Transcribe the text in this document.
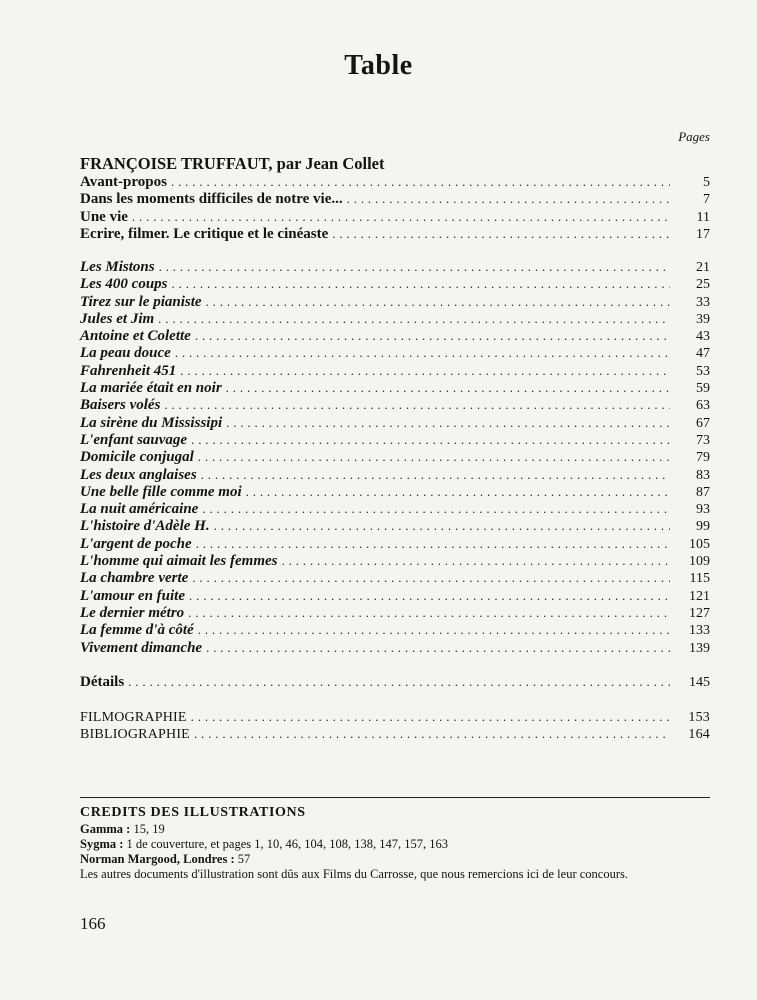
Table
Pages
FRANÇOISE TRUFFAUT, par Jean Collet
Avant-propos . . .	5
Dans les moments difficiles de notre vie... . . .	7
Une vie . . .	11
Ecrire, filmer. Le critique et le cinéaste . . .	17
Les Mistons . . .	21
Les 400 coups . . .	25
Tirez sur le pianiste . . .	33
Jules et Jim . . .	39
Antoine et Colette . . .	43
La peau douce . . .	47
Fahrenheit 451 . . .	53
La mariée était en noir . . .	59
Baisers volés . . .	63
La sirène du Mississipi . . .	67
L'enfant sauvage . . .	73
Domicile conjugal . . .	79
Les deux anglaises . . .	83
Une belle fille comme moi . . .	87
La nuit américaine . . .	93
L'histoire d'Adèle H. . . .	99
L'argent de poche . . .	105
L'homme qui aimait les femmes . . .	109
La chambre verte . . .	115
L'amour en fuite . . .	121
Le dernier métro . . .	127
La femme d'à côté . . .	133
Vivement dimanche . . .	139
Détails . . .	145
FILMOGRAPHIE . . .	153
BIBLIOGRAPHIE . . .	164
CREDITS DES ILLUSTRATIONS
Gamma : 15, 19
Sygma : 1 de couverture, et pages 1, 10, 46, 104, 108, 138, 147, 157, 163
Norman Margood, Londres : 57
Les autres documents d'illustration sont dûs aux Films du Carrosse, que nous remercions ici de leur concours.
166
